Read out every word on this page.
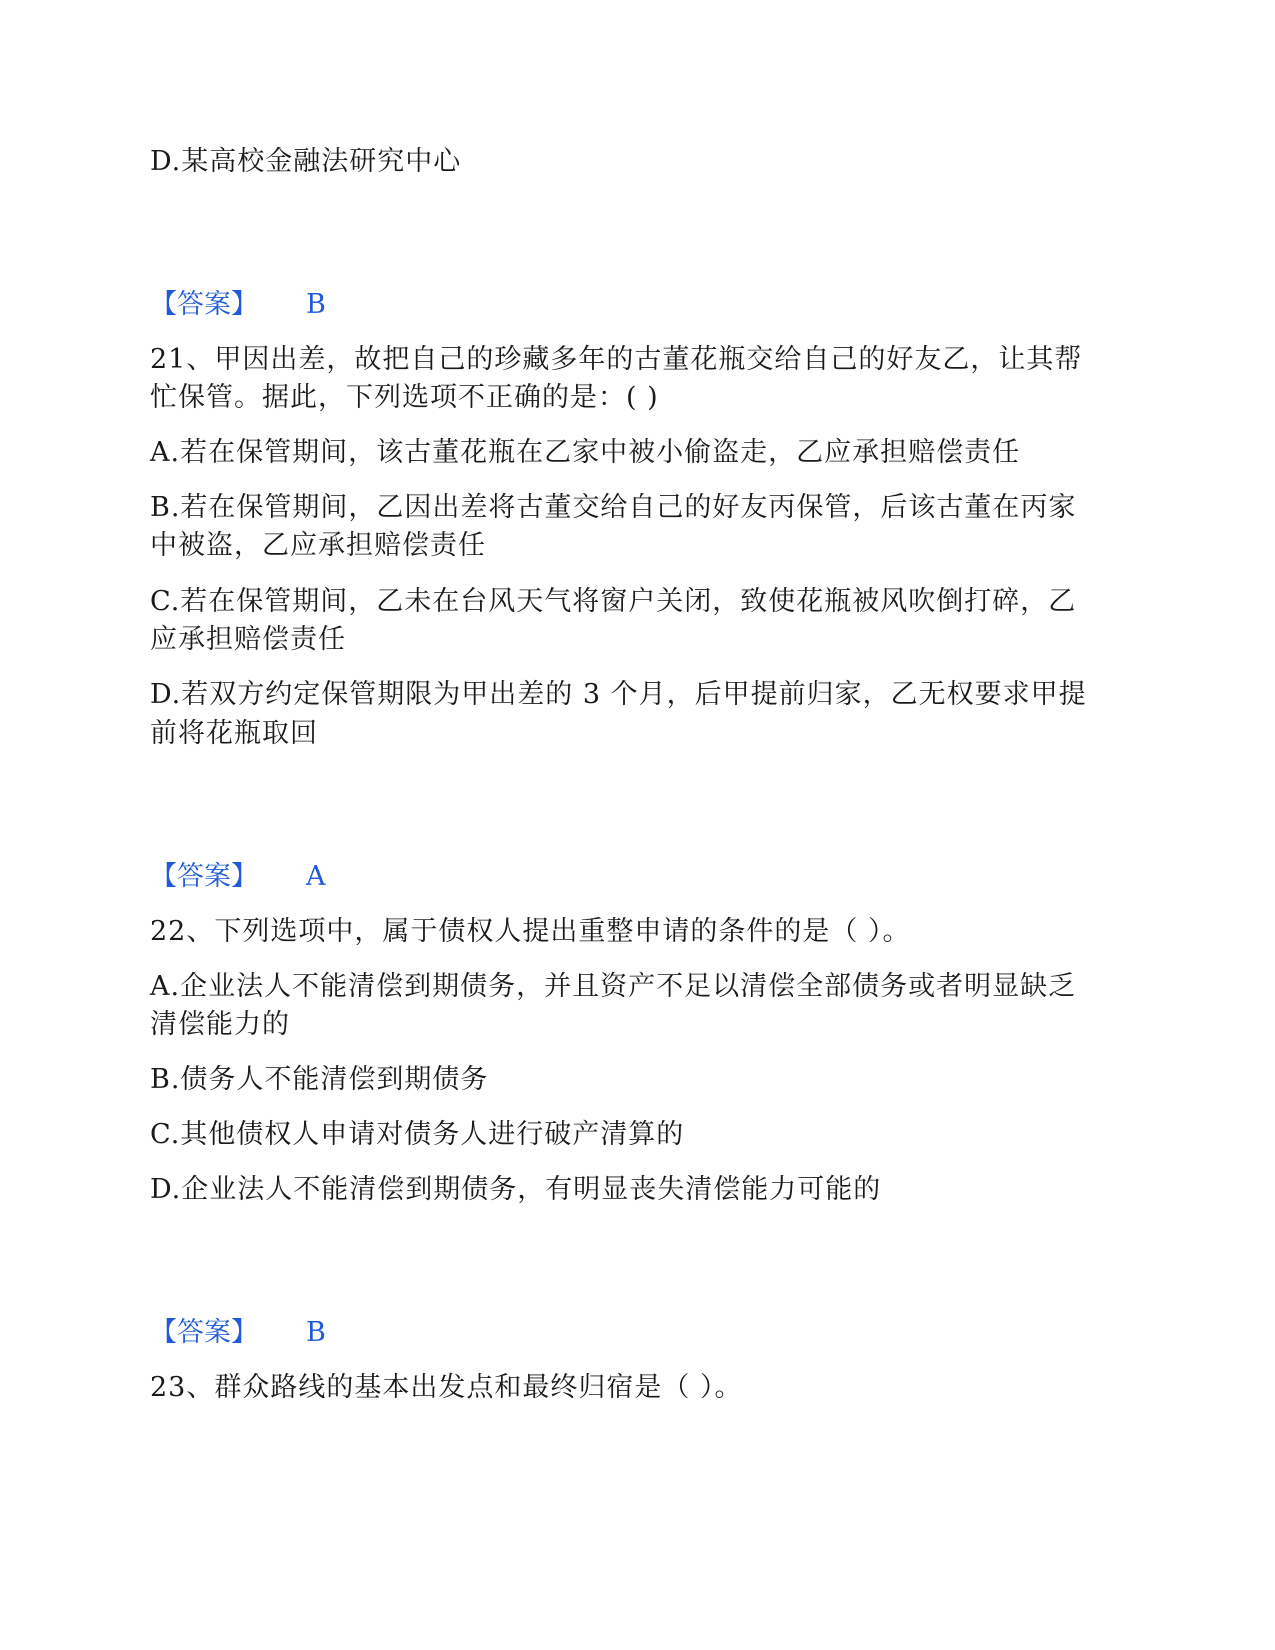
D.某高校金融法研究中心
【答案】 B
21、甲因出差，故把自己的珍藏多年的古董花瓶交给自己的好友乙，让其帮
忙保管。据此，下列选项不正确的是：( )
A.若在保管期间，该古董花瓶在乙家中被小偷盗走，乙应承担赔偿责任
B.若在保管期间，乙因出差将古董交给自己的好友丙保管，后该古董在丙家
中被盗，乙应承担赔偿责任
C.若在保管期间，乙未在台风天气将窗户关闭，致使花瓶被风吹倒打碎，乙
应承担赔偿责任
D.若双方约定保管期限为甲出差的 3 个月，后甲提前归家，乙无权要求甲提
前将花瓶取回
【答案】 A
22、下列选项中，属于债权人提出重整申请的条件的是（ ）。
A.企业法人不能清偿到期债务，并且资产不足以清偿全部债务或者明显缺乏
清偿能力的
B.债务人不能清偿到期债务
C.其他债权人申请对债务人进行破产清算的
D.企业法人不能清偿到期债务，有明显丧失清偿能力可能的
【答案】 B
23、群众路线的基本出发点和最终归宿是（ ）。
